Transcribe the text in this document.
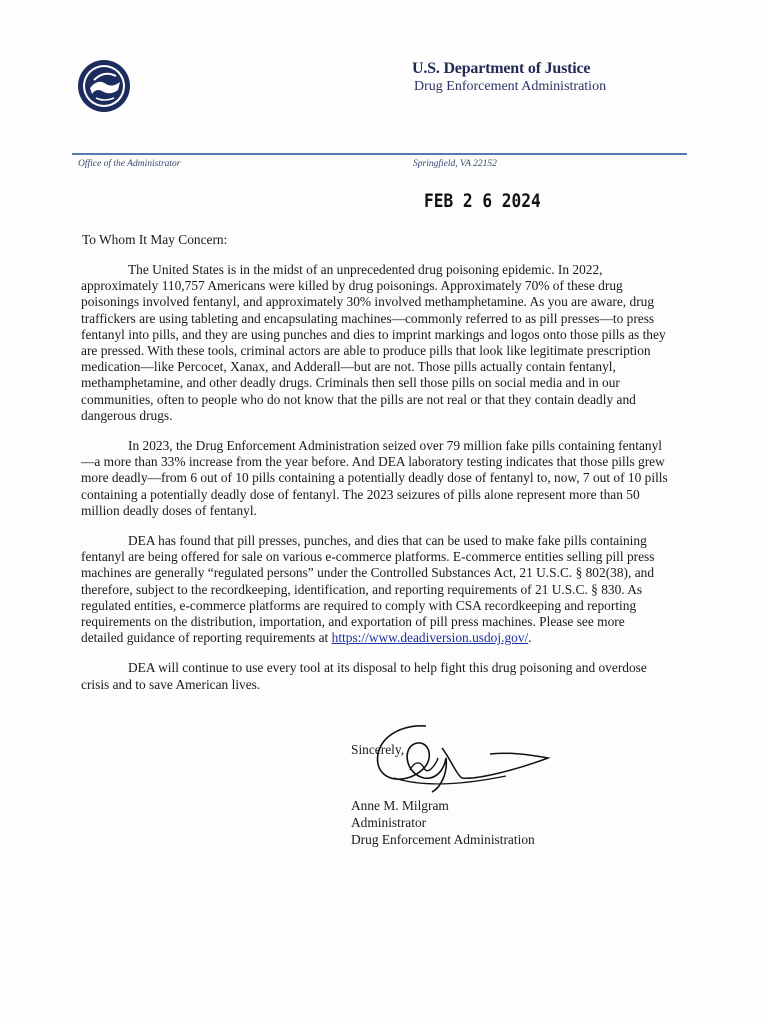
U.S. Department of Justice
Drug Enforcement Administration
Office of the Administrator	Springfield, VA 22152
FEB 2 6 2024
To Whom It May Concern:

The United States is in the midst of an unprecedented drug poisoning epidemic. In 2022, approximately 110,757 Americans were killed by drug poisonings. Approximately 70% of these drug poisonings involved fentanyl, and approximately 30% involved methamphetamine. As you are aware, drug traffickers are using tableting and encapsulating machines—commonly referred to as pill presses—to press fentanyl into pills, and they are using punches and dies to imprint markings and logos onto those pills as they are pressed. With these tools, criminal actors are able to produce pills that look like legitimate prescription medication—like Percocet, Xanax, and Adderall—but are not. Those pills actually contain fentanyl, methamphetamine, and other deadly drugs. Criminals then sell those pills on social media and in our communities, often to people who do not know that the pills are not real or that they contain deadly and dangerous drugs.

In 2023, the Drug Enforcement Administration seized over 79 million fake pills containing fentanyl—a more than 33% increase from the year before. And DEA laboratory testing indicates that those pills grew more deadly—from 6 out of 10 pills containing a potentially deadly dose of fentanyl to, now, 7 out of 10 pills containing a potentially deadly dose of fentanyl. The 2023 seizures of pills alone represent more than 50 million deadly doses of fentanyl.

DEA has found that pill presses, punches, and dies that can be used to make fake pills containing fentanyl are being offered for sale on various e-commerce platforms. E-commerce entities selling pill press machines are generally “regulated persons” under the Controlled Substances Act, 21 U.S.C. § 802(38), and therefore, subject to the recordkeeping, identification, and reporting requirements of 21 U.S.C. § 830. As regulated entities, e-commerce platforms are required to comply with CSA recordkeeping and reporting requirements on the distribution, importation, and exportation of pill press machines. Please see more detailed guidance of reporting requirements at https://www.deadiversion.usdoj.gov/.

DEA will continue to use every tool at its disposal to help fight this drug poisoning and overdose crisis and to save American lives.

Sincerely,
Anne M. Milgram
Administrator
Drug Enforcement Administration
